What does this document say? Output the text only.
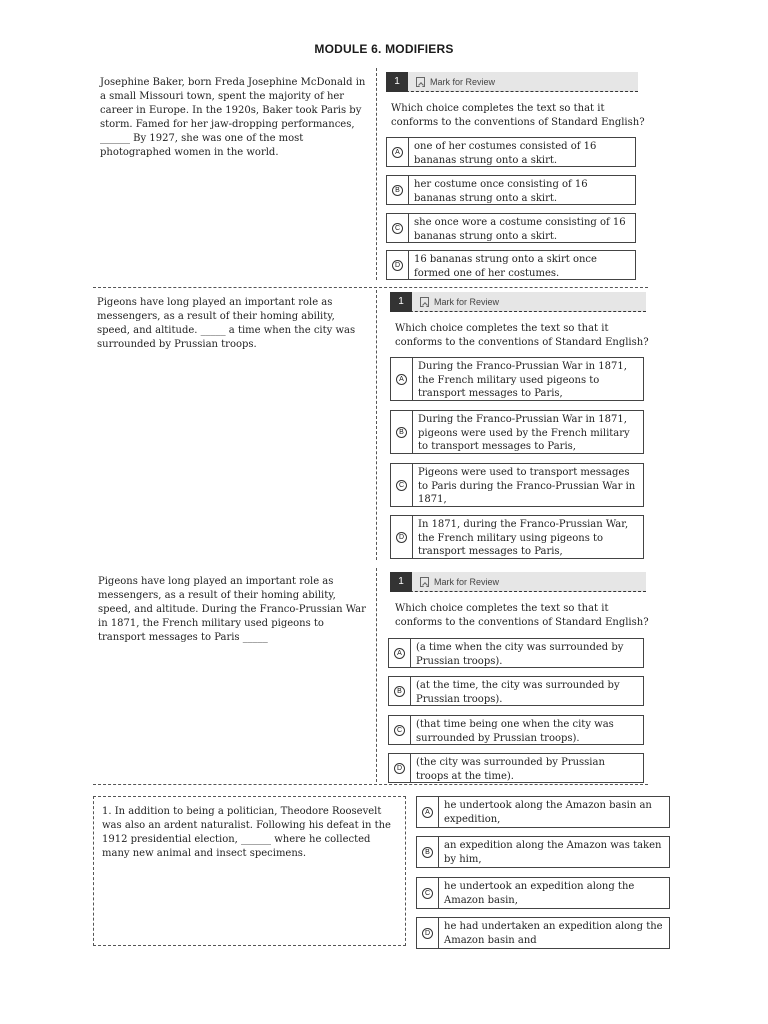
MODULE 6. MODIFIERS

Josephine Baker, born Freda Josephine McDonald in a small Missouri town, spent the majority of her career in Europe. In the 1920s, Baker took Paris by storm. Famed for her jaw-dropping performances, ______ By 1927, she was one of the most photographed women in the world.

1	Mark for Review

Which choice completes the text so that it conforms to the conventions of Standard English?

A	one of her costumes consisted of 16 bananas strung onto a skirt.
B	her costume once consisting of 16 bananas strung onto a skirt.
C	she once wore a costume consisting of 16 bananas strung onto a skirt.
D	16 bananas strung onto a skirt once formed one of her costumes.

Pigeons have long played an important role as messengers, as a result of their homing ability, speed, and altitude. _____ a time when the city was surrounded by Prussian troops.

1	Mark for Review

Which choice completes the text so that it conforms to the conventions of Standard English?

A
During the Franco-Prussian War in 1871, the French military used pigeons to transport messages to Paris,
B
During the Franco-Prussian War in 1871, pigeons were used by the French military to transport messages to Paris,
C
Pigeons were used to transport messages to Paris during the Franco-Prussian War in 1871,
D
In 1871, during the Franco-Prussian War, the French military using pigeons to transport messages to Paris,

Pigeons have long played an important role as messengers, as a result of their homing ability, speed, and altitude. During the Franco-Prussian War in 1871, the French military used pigeons to transport messages to Paris _____

1	Mark for Review

Which choice completes the text so that it conforms to the conventions of Standard English?

A	(a time when the city was surrounded by Prussian troops).
B	(at the time, the city was surrounded by Prussian troops).
C	(that time being one when the city was surrounded by Prussian troops).
D	(the city was surrounded by Prussian troops at the time).

1. In addition to being a politician, Theodore Roosevelt was also an ardent naturalist. Following his defeat in the 1912 presidential election, ______ where he collected many new animal and insect specimens.

A
he undertook along the Amazon basin an expedition,
B
an expedition along the Amazon was taken by him,
C
he undertook an expedition along the Amazon basin,
D
he had undertaken an expedition along the Amazon basin and
